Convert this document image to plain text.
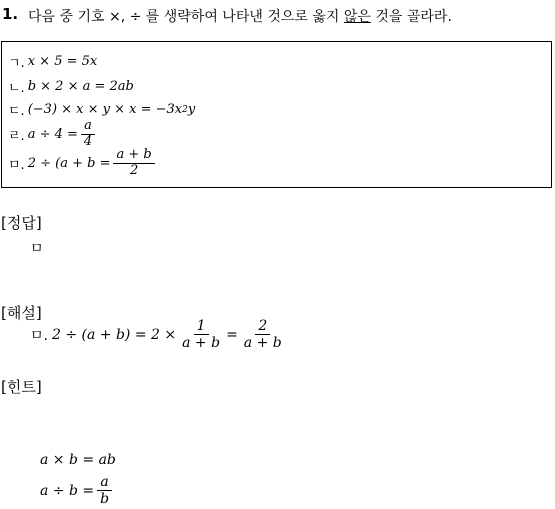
1. 다음 중 기호 ×, ÷ 를 생략하여 나타낸 것으로 옳지 않은 것을 골라라.
ㄱ. x × 5 = 5x
ㄴ. b × 2 × a = 2ab
ㄷ. (−3) × x × y × x = −3x 2 y
ㄹ. $a \div 4 = \frac{a}{4}$
ㅁ. $2 \div (a + b = \frac{a + b}{2}$
[정답]
ㅁ
[해설]
ㅁ. $2 \div (a + b) = 2 \times \frac{1}{a + b} = \frac{2}{a + b}$
[힌트]
a × b = ab
$a \div b = \frac{a}{b}$
